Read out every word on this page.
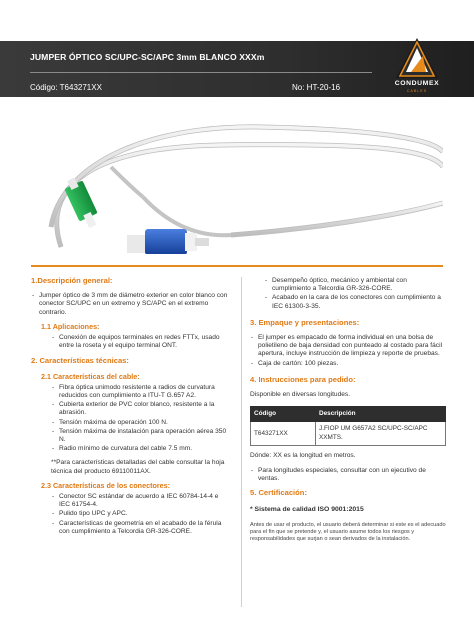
JUMPER ÓPTICO SC/UPC-SC/APC 3mm BLANCO XXXm
Código: T643271XX	No: HT-20-16	CONDUMEX
CABLES
1.Descripción general:
- Jumper óptico de 3 mm de diámetro exterior en color blanco con conector SC/UPC en un extremo y SC/APC en el extremo contrario.
1.1 Aplicaciones:
- Conexión de equipos terminales en redes FTTx, usado entre la roseta y el equipo terminal ONT.
2. Características técnicas:
2.1 Características del cable:
- Fibra óptica unimodo resistente a radios de curvatura reducidos con cumplimiento a ITU-T G.657 A2.
- Cubierta exterior de PVC color blanco, resistente a la abrasión.
- Tensión máxima de operación 100 N.
- Tensión máxima de instalación para operación aérea 350 N.
- Radio mínimo de curvatura del cable 7.5 mm.

**Para características detalladas del cable consultar la hoja técnica del producto 69110011AX.

2.3 Características de los conectores:
- Conector SC estándar de acuerdo a IEC 60784-14-4 e IEC 61754-4.
- Pulido tipo UPC y APC.
- Características de geometría en el acabado de la férula con cumplimiento a Telcordia GR-326-CORE.
- Desempeño óptico, mecánico y ambiental con cumplimiento a Telcordia GR-326-CORE.
- Acabado en la cara de los conectores con cumplimiento a IEC 61300-3-35.
3. Empaque y presentaciones:
- El jumper es empacado de forma individual en una bolsa de polietileno de baja densidad con punteado al costado para fácil apertura, incluye instrucción de limpieza y reporte de pruebas.
- Caja de cartón: 100 piezas.
4. Instrucciones para pedido:

Disponible en diversas longitudes.

Código	Descripción
T643271XX	J.FIOP UM G657A2 SC/UPC-SC/APC XXMTS.

Dónde: XX es la longitud en metros.

- Para longitudes especiales, consultar con un ejecutivo de ventas.
5. Certificación:

* Sistema de calidad ISO 9001:2015

Antes de usar el producto, el usuario deberá determinar si este es el adecuado para el fin que se pretende y, el usuario asume todos los riesgos y responsabilidades que surjan o sean derivados de la instalación.
